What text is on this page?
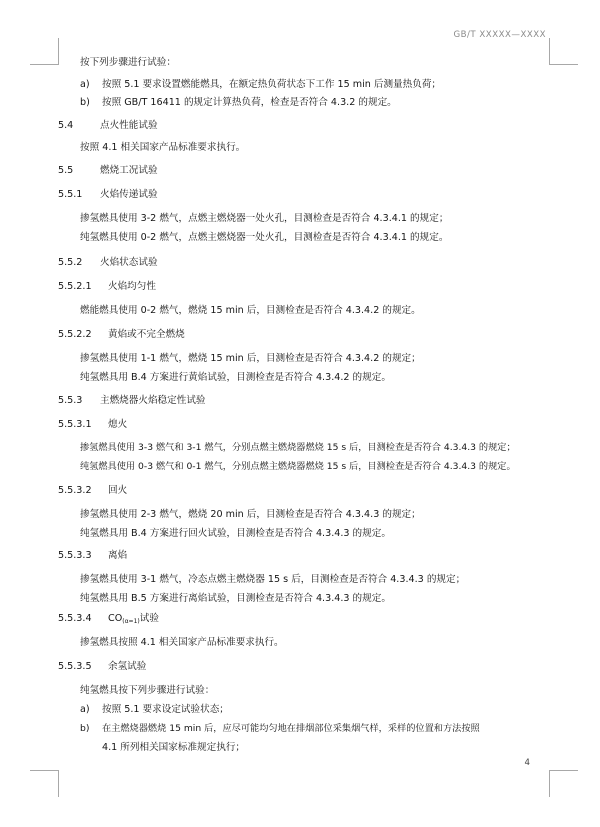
GB/T XXXXX—XXXX
按下列步骤进行试验：
a) 按照 5.1 要求设置燃能燃具，在额定热负荷状态下工作 15 min 后测量热负荷；
b) 按照 GB/T 16411 的规定计算热负荷，检查是否符合 4.3.2 的规定。
5.4	点火性能试验
按照 4.1 相关国家产品标准要求执行。
5.5	燃烧工况试验
5.5.1 火焰传递试验
掺氢燃具使用 3-2 燃气，点燃主燃烧器一处火孔，目测检查是否符合 4.3.4.1 的规定；
纯氢燃具使用 0-2 燃气，点燃主燃烧器一处火孔，目测检查是否符合 4.3.4.1 的规定。
5.5.2 火焰状态试验
5.5.2.1 火焰均匀性
燃能燃具使用 0-2 燃气，燃烧 15 min 后，目测检查是否符合 4.3.4.2 的规定。
5.5.2.2 黄焰或不完全燃烧
掺氢燃具使用 1-1 燃气，燃烧 15 min 后，目测检查是否符合 4.3.4.2 的规定；
纯氢燃具用 B.4 方案进行黄焰试验，目测检查是否符合 4.3.4.2 的规定。
5.5.3 主燃烧器火焰稳定性试验
5.5.3.1 熄火
掺氢燃具使用 3-3 燃气和 3-1 燃气，分别点燃主燃烧器燃烧 15 s 后，目测检查是否符合 4.3.4.3 的规定；
纯氢燃具使用 0-3 燃气和 0-1 燃气，分别点燃主燃烧器燃烧 15 s 后，目测检查是否符合 4.3.4.3 的规定。
5.5.3.2 回火
掺氢燃具使用 2-3 燃气，燃烧 20 min 后，目测检查是否符合 4.3.4.3 的规定；
纯氢燃具用 B.4 方案进行回火试验，目测检查是否符合 4.3.4.3 的规定。
5.5.3.3 离焰
掺氢燃具使用 3-1 燃气，冷态点燃主燃烧器 15 s 后，目测检查是否符合 4.3.4.3 的规定；
纯氢燃具用 B.5 方案进行离焰试验，目测检查是否符合 4.3.4.3 的规定。
5.5.3.4 $CO_{(\alpha=1)}$试验
掺氢燃具按照 4.1 相关国家产品标准要求执行。
5.5.3.5 余氢试验
纯氢燃具按下列步骤进行试验：
a) 按照 5.1 要求设定试验状态；
b) 在主燃烧器燃烧 15 min 后，应尽可能均匀地在排烟部位采集烟气样，采样的位置和方法按照
4.1 所列相关国家标准规定执行；
4
